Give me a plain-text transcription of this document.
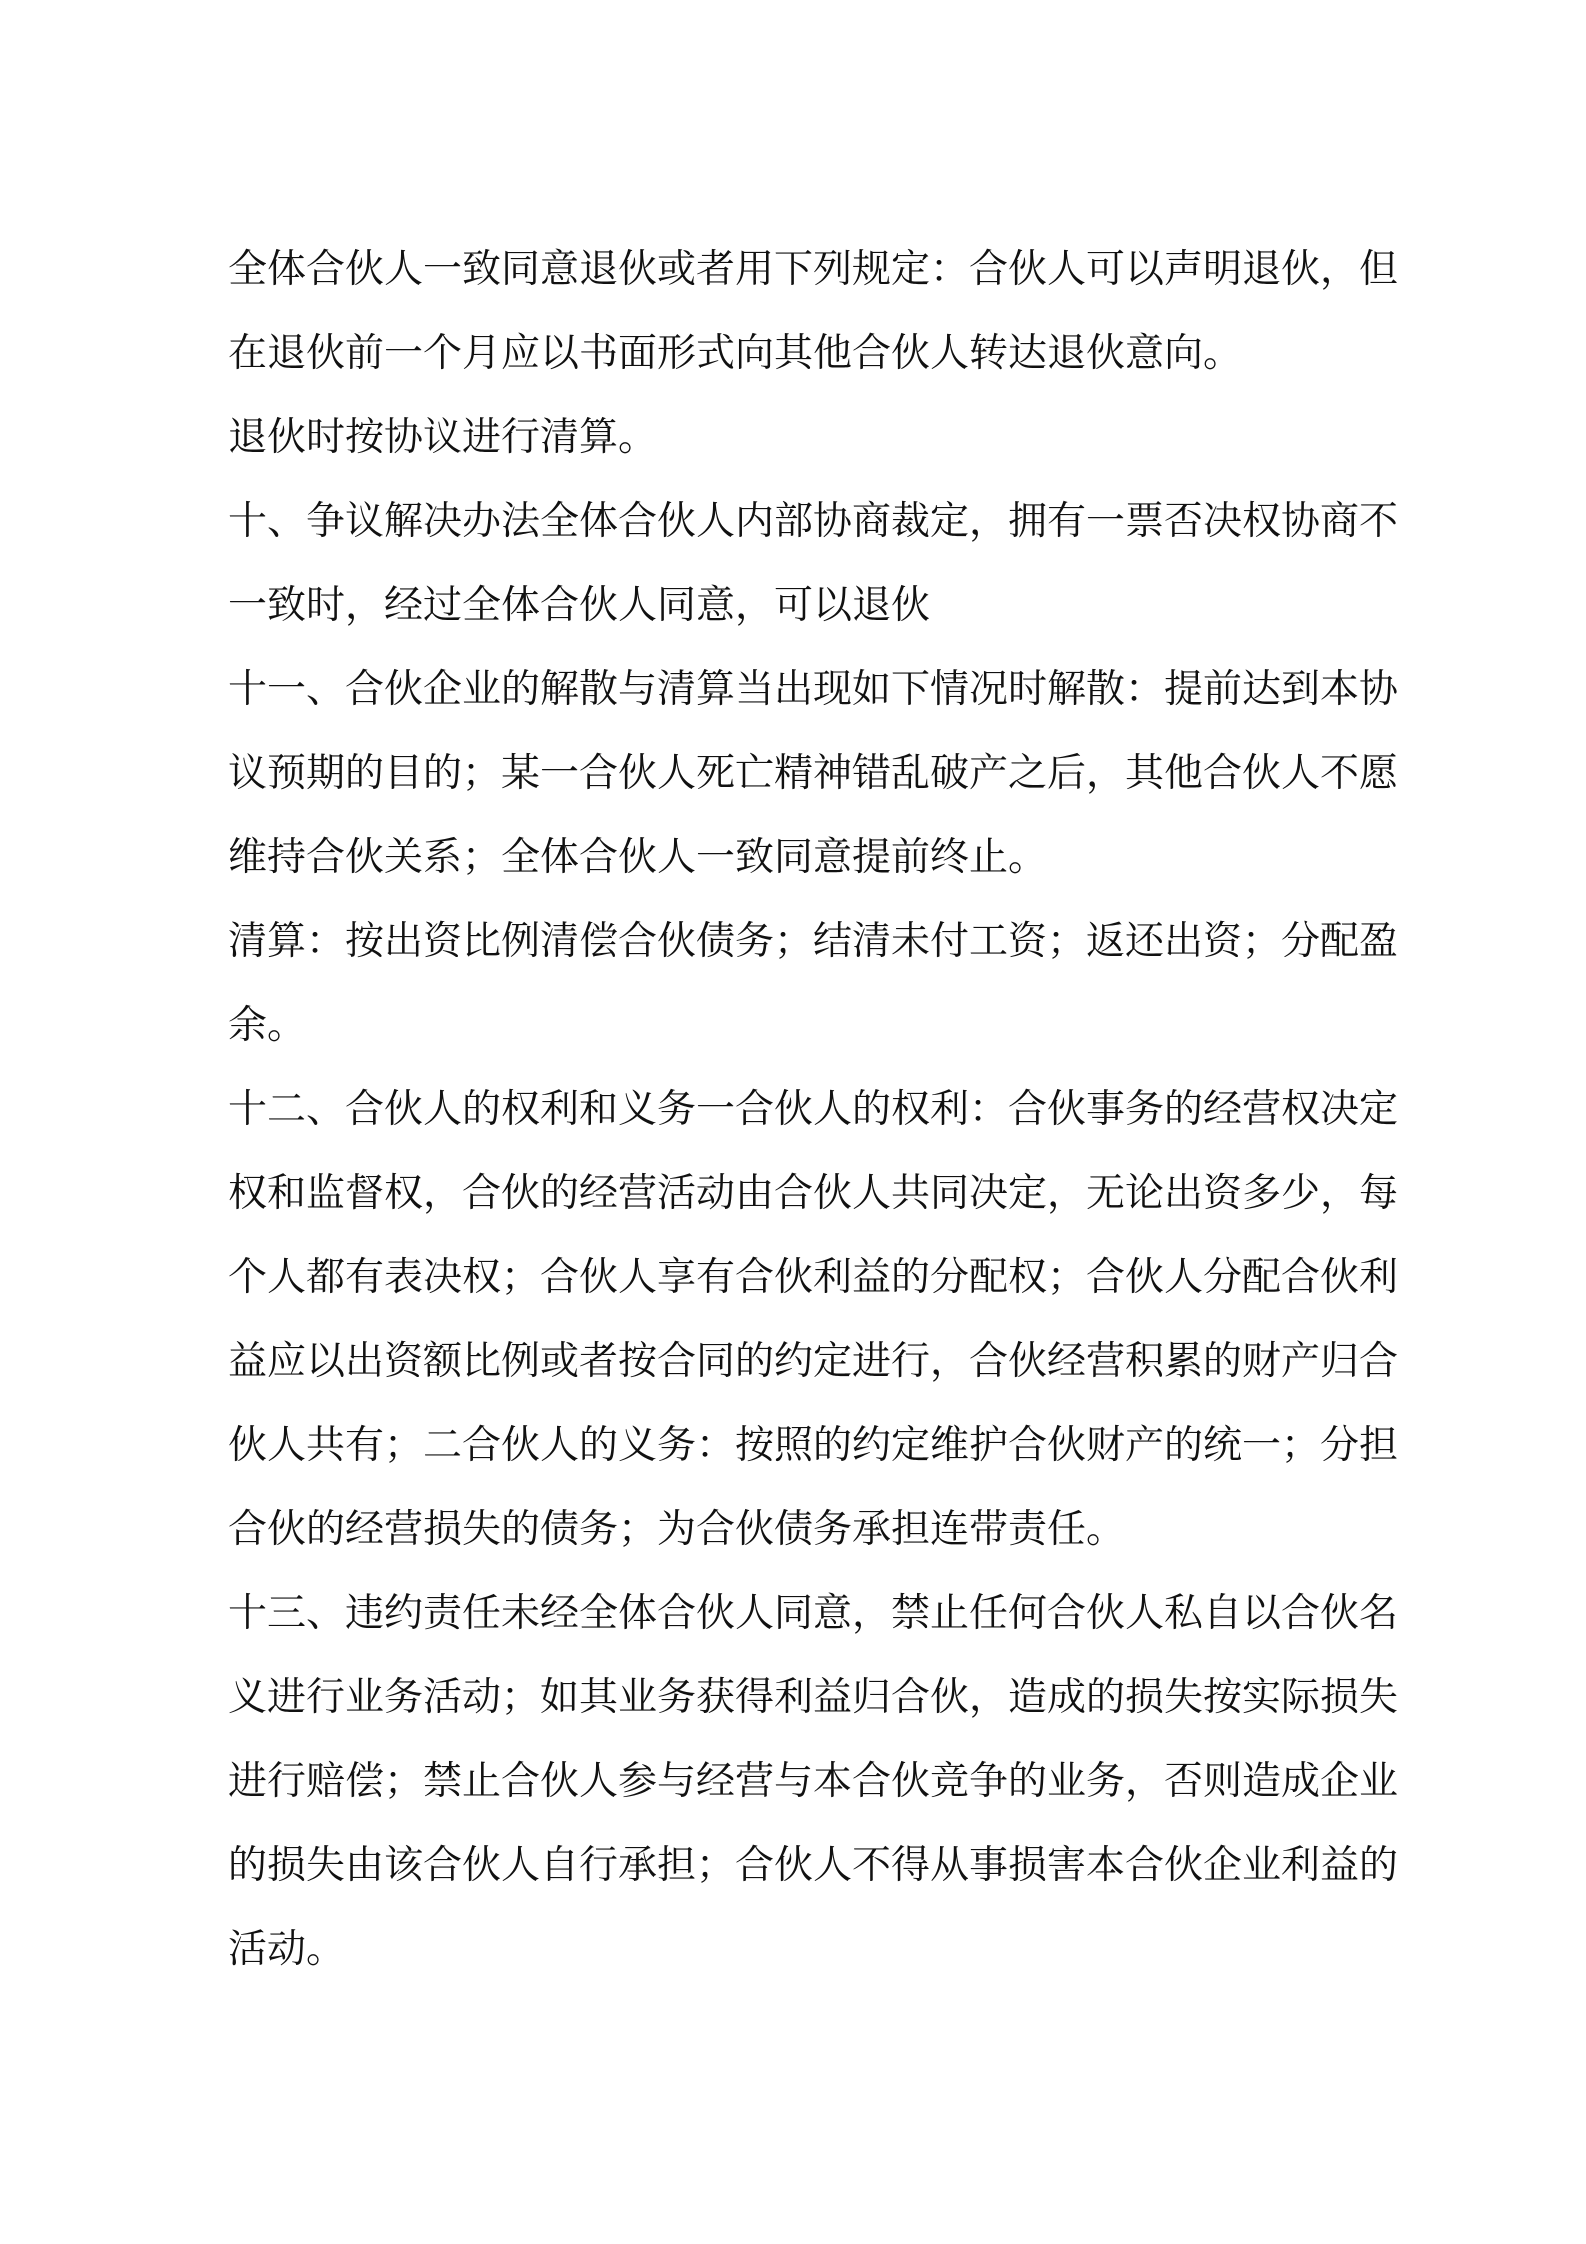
全体合伙人一致同意退伙或者用下列规定：合伙人可以声明退伙，但
在退伙前一个月应以书面形式向其他合伙人转达退伙意向。
退伙时按协议进行清算。
十、争议解决办法全体合伙人内部协商裁定，拥有一票否决权协商不
一致时，经过全体合伙人同意，可以退伙
十一、合伙企业的解散与清算当出现如下情况时解散：提前达到本协
议预期的目的；某一合伙人死亡精神错乱破产之后，其他合伙人不愿
维持合伙关系；全体合伙人一致同意提前终止。
清算：按出资比例清偿合伙债务；结清未付工资；返还出资；分配盈
余。
十二、合伙人的权利和义务一合伙人的权利：合伙事务的经营权决定
权和监督权，合伙的经营活动由合伙人共同决定，无论出资多少，每
个人都有表决权；合伙人享有合伙利益的分配权；合伙人分配合伙利
益应以出资额比例或者按合同的约定进行，合伙经营积累的财产归合
伙人共有；二合伙人的义务：按照的约定维护合伙财产的统一；分担
合伙的经营损失的债务；为合伙债务承担连带责任。
十三、违约责任未经全体合伙人同意，禁止任何合伙人私自以合伙名
义进行业务活动；如其业务获得利益归合伙，造成的损失按实际损失
进行赔偿；禁止合伙人参与经营与本合伙竞争的业务，否则造成企业
的损失由该合伙人自行承担；合伙人不得从事损害本合伙企业利益的
活动。
